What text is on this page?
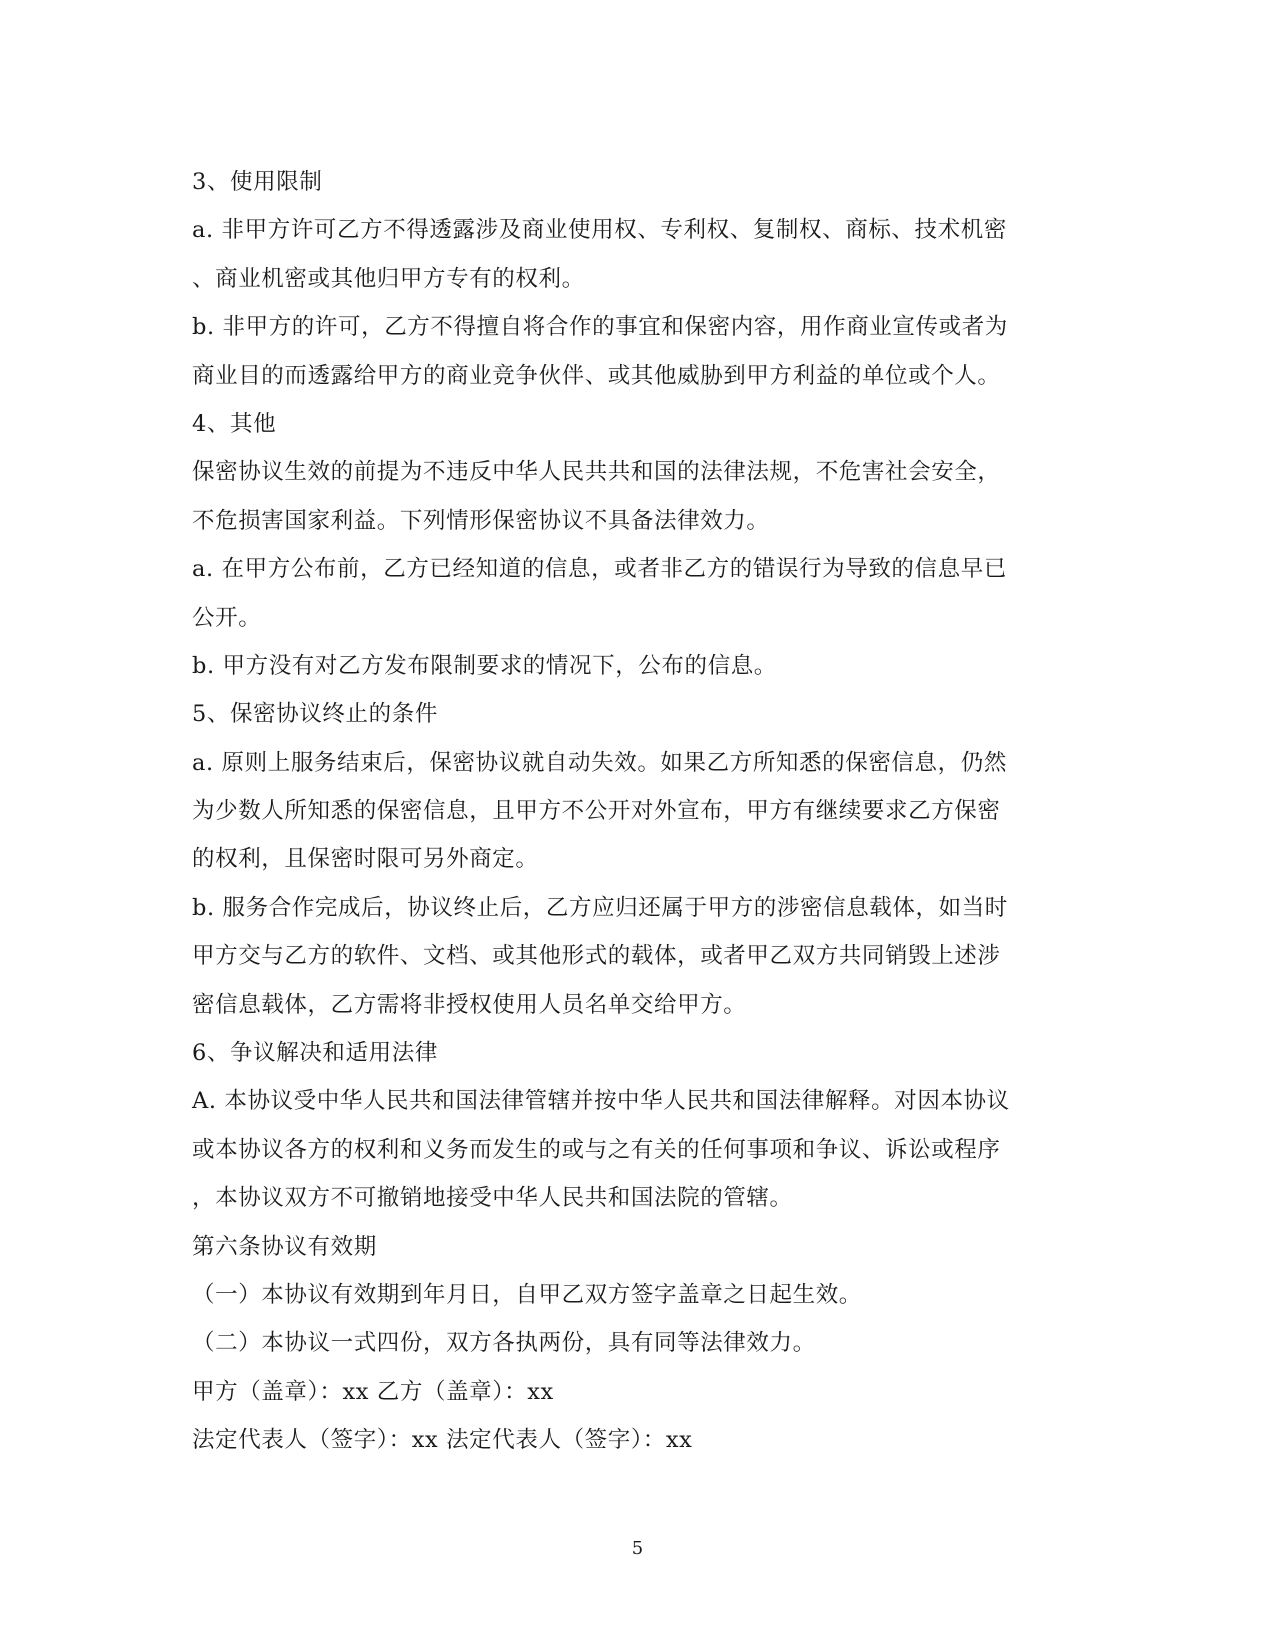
3、使用限制
a. 非甲方许可乙方不得透露涉及商业使用权、专利权、复制权、商标、技术机密
、商业机密或其他归甲方专有的权利。
b. 非甲方的许可，乙方不得擅自将合作的事宜和保密内容，用作商业宣传或者为
商业目的而透露给甲方的商业竞争伙伴、或其他威胁到甲方利益的单位或个人。
4、其他
保密协议生效的前提为不违反中华人民共共和国的法律法规，不危害社会安全，
不危损害国家利益。下列情形保密协议不具备法律效力。
a. 在甲方公布前，乙方已经知道的信息，或者非乙方的错误行为导致的信息早已
公开。
b. 甲方没有对乙方发布限制要求的情况下，公布的信息。
5、保密协议终止的条件
a. 原则上服务结束后，保密协议就自动失效。如果乙方所知悉的保密信息，仍然
为少数人所知悉的保密信息，且甲方不公开对外宣布，甲方有继续要求乙方保密
的权利，且保密时限可另外商定。
b. 服务合作完成后，协议终止后，乙方应归还属于甲方的涉密信息载体，如当时
甲方交与乙方的软件、文档、或其他形式的载体，或者甲乙双方共同销毁上述涉
密信息载体，乙方需将非授权使用人员名单交给甲方。
6、争议解决和适用法律
A. 本协议受中华人民共和国法律管辖并按中华人民共和国法律解释。对因本协议
或本协议各方的权利和义务而发生的或与之有关的任何事项和争议、诉讼或程序
，本协议双方不可撤销地接受中华人民共和国法院的管辖。
第六条协议有效期
（一）本协议有效期到年月日，自甲乙双方签字盖章之日起生效。
（二）本协议一式四份，双方各执两份，具有同等法律效力。
甲方（盖章）：xx 乙方（盖章）：xx
法定代表人（签字）：xx 法定代表人（签字）：xx
5
